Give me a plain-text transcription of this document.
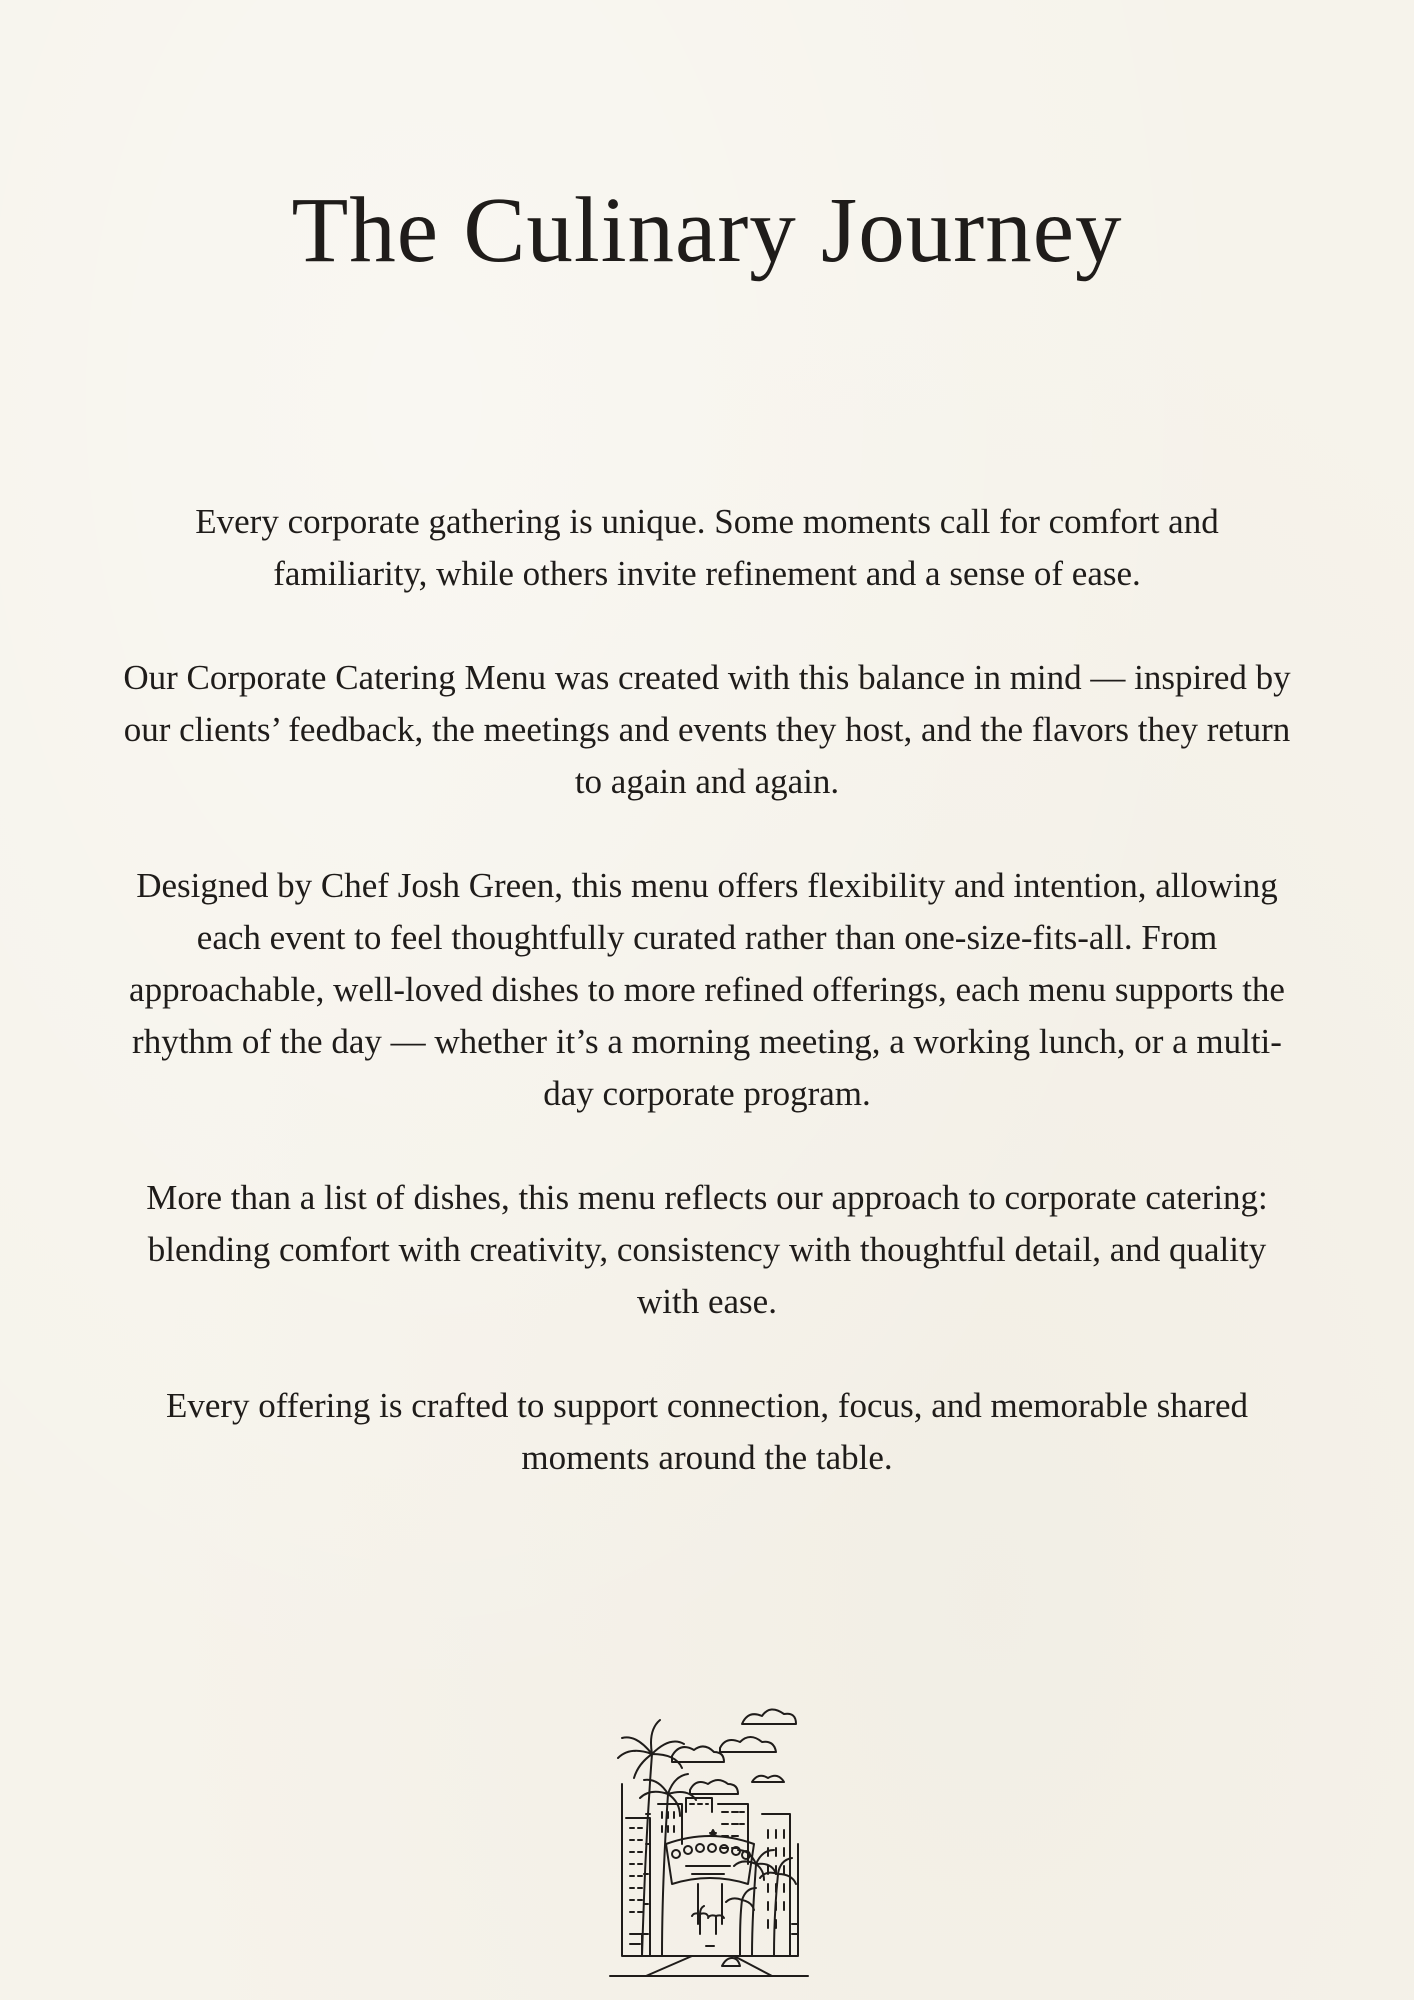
The Culinary Journey

Every corporate gathering is unique. Some moments call for comfort and familiarity, while others invite refinement and a sense of ease.

Our Corporate Catering Menu was created with this balance in mind — inspired by our clients’ feedback, the meetings and events they host, and the flavors they return to again and again.

Designed by Chef Josh Green, this menu offers flexibility and intention, allowing each event to feel thoughtfully curated rather than one-size-fits-all. From approachable, well-loved dishes to more refined offerings, each menu supports the rhythm of the day — whether it’s a morning meeting, a working lunch, or a multi-day corporate program.

More than a list of dishes, this menu reflects our approach to corporate catering: blending comfort with creativity, consistency with thoughtful detail, and quality with ease.

Every offering is crafted to support connection, focus, and memorable shared moments around the table.
